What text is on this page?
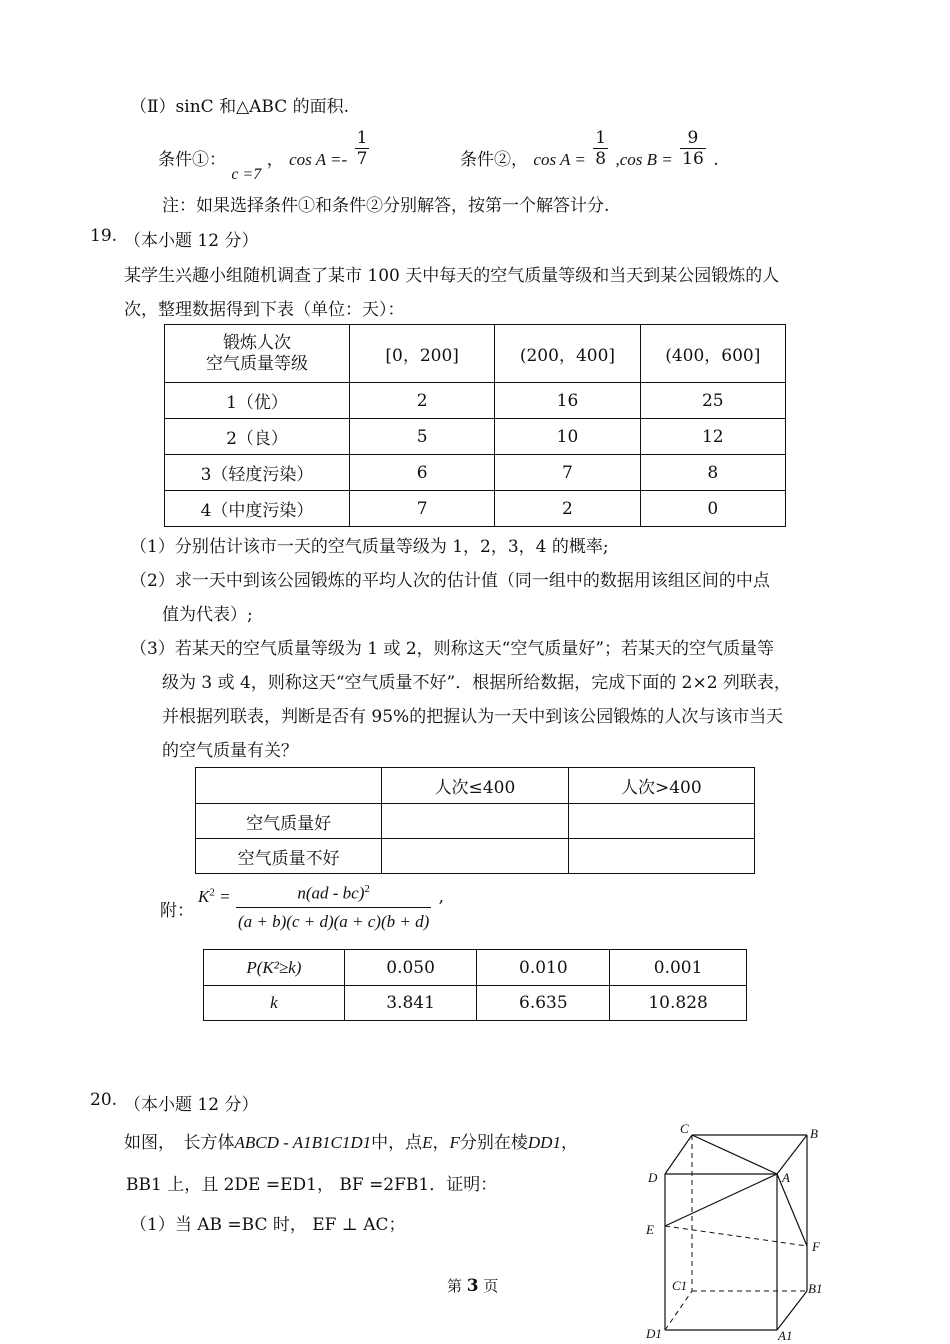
（Ⅱ）sinC 和△ABC 的面积.
条件①： c =7 ， $\cos A =- \frac{1}{7}$	条件②， $\cos A = \frac{1}{8} ,\cos$ $B = \frac{9}{16}$ .
注：如果选择条件①和条件②分别解答，按第一个解答计分.
19. （本小题 12 分）
某学生兴趣小组随机调查了某市 100 天中每天的空气质量等级和当天到某公园锻炼的人
次，整理数据得到下表（单位：天）：
锻炼人次
空气质量等级	[0，200]	(200，400]	(400，600]
1（优）	2	16	25
2（良）	5	10	12
3（轻度污染）	6	7	8
4（中度污染）	7	2	0
（1）分别估计该市一天的空气质量等级为 1，2，3，4 的概率;
（2）求一天中到该公园锻炼的平均人次的估计值（同一组中的数据用该组区间的中点
值为代表）;
（3）若某天的空气质量等级为 1 或 2，则称这天“空气质量好”；若某天的空气质量等
级为 3 或 4，则称这天“空气质量不好”．根据所给数据，完成下面的 2×2 列联表，
并根据列联表，判断是否有 95%的把握认为一天中到该公园锻炼的人次与该市当天
的空气质量有关？
	人次≤400	人次>400
空气质量好		
空气质量不好		
附：
$K^2 = \frac{n(ad - bc)^2}{(a + b)(c + d)(a + c)(b + d)}$ ,
P(K²≥k)	0.050	0.010	0.001
k	3.841	6.635	10.828
20. （本小题 12 分）
如图，　长方体ABCD - A1B1C1D1中，点E，F分别在棱DD1，
BB1 上，且 2DE =ED1， BF =2FB1．证明：
（1）当 AB =BC 时， EF ⊥ AC；
C	B
D	A
E
F
C1	B1
D1	A1
第 3 页
